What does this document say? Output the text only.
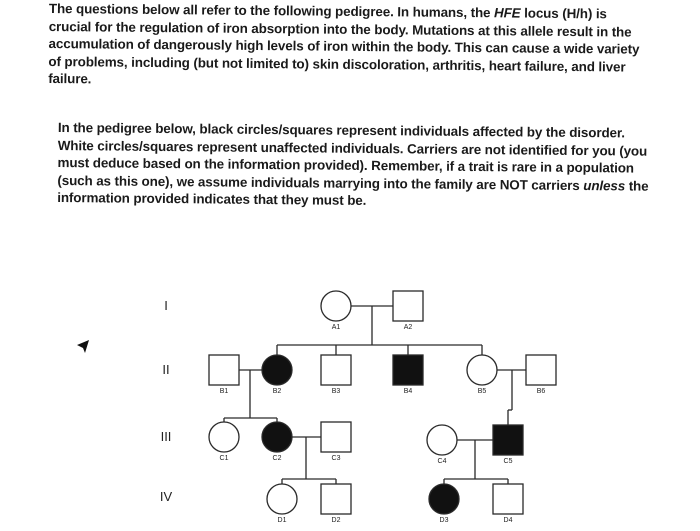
The questions below all refer to the following pedigree. In humans, the HFE locus (H/h) is
crucial for the regulation of iron absorption into the body. Mutations at this allele result in the
accumulation of dangerously high levels of iron within the body. This can cause a wide variety
of problems, including (but not limited to) skin discoloration, arthritis, heart failure, and liver
failure.

In the pedigree below, black circles/squares represent individuals affected by the disorder.
White circles/squares represent unaffected individuals. Carriers are not identified for you (you
must deduce based on the information provided). Remember, if a trait is rare in a population
(such as this one), we assume individuals marrying into the family are NOT carriers unless the
information provided indicates that they must be.

A1	A2
B1	B2	B3	B4	B5	B6
C1	C2	C3	C4	C5
D1	D2	D3	D4
I
II
III
IV
